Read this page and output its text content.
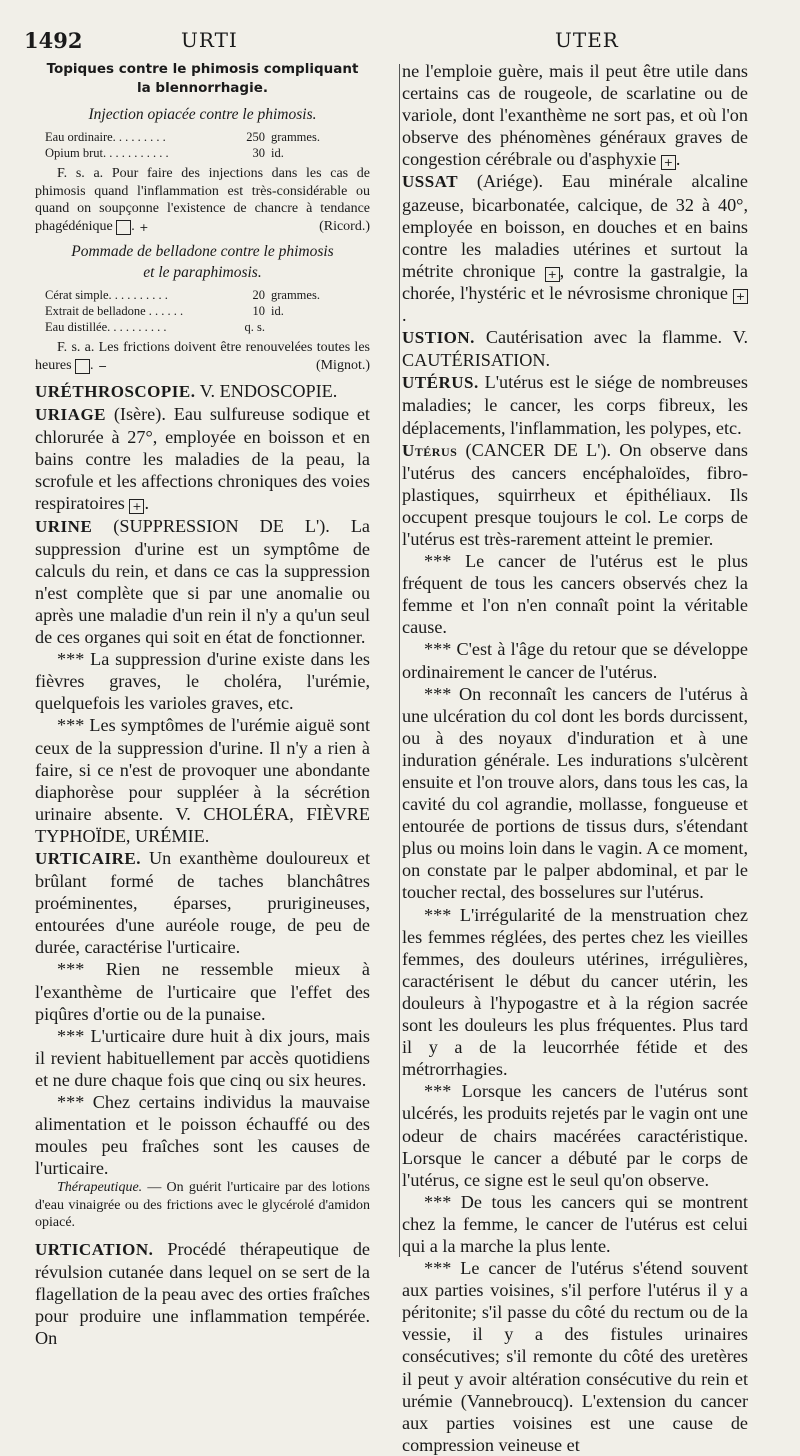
1492	URTI	UTER

Topiques contre le phimosis compliquant

la blennorrhagie.

Injection opiacée contre le phimosis.

Eau ordinaire. . . . . . . . .	250 grammes.
Opium brut. . . . . . . . . . .	30 id.

F. s. a. Pour faire des injections dans les cas de phimosis quand l'inflammation est très-considérable ou quand on soupçonne l'existence de chancre à tendance phagédénique +.	(Ricord.)

Pommade de belladone contre le phimosis

et le paraphimosis.

Cérat simple. . . . . . . . . .	20 grammes.
Extrait de belladone . . . . . .	10 id.
Eau distillée. . . . . . . . . .	q. s.

F. s. a. Les frictions doivent être renouvelées toutes les heures −.	(Mignot.)

URÉTHROSCOPIE. V. ENDOSCOPIE.

URIAGE (Isère). Eau sulfureuse sodique et chlorurée à 27°, employée en boisson et en bains contre les maladies de la peau, la scrofule et les affections chroniques des voies respiratoires + .

URINE (SUPPRESSION DE L'). La suppression d'urine est un symptôme de calculs du rein, et dans ce cas la suppression n'est complète que si par une anomalie ou après une maladie d'un rein il n'y a qu'un seul de ces organes qui soit en état de fonctionner.

*** La suppression d'urine existe dans les fièvres graves, le choléra, l'urémie, quelquefois les varioles graves, etc.

*** Les symptômes de l'urémie aiguë sont ceux de la suppression d'urine. Il n'y a rien à faire, si ce n'est de provoquer une abondante diaphorèse pour suppléer à la sécrétion urinaire absente. V. CHOLÉRA, FIÈVRE TYPHOÏDE, URÉMIE.

URTICAIRE. Un exanthème douloureux et brûlant formé de taches blanchâtres proéminentes, éparses, prurigineuses, entourées d'une auréole rouge, de peu de durée, caractérise l'urticaire.

*** Rien ne ressemble mieux à l'exanthème de l'urticaire que l'effet des piqûres d'ortie ou de la punaise.

*** L'urticaire dure huit à dix jours, mais il revient habituellement par accès quotidiens et ne dure chaque fois que cinq ou six heures.

*** Chez certains individus la mauvaise alimentation et le poisson échauffé ou des moules peu fraîches sont les causes de l'urticaire.

Thérapeutique. — On guérit l'urticaire par des lotions d'eau vinaigrée ou des frictions avec le glycérolé d'amidon opiacé.

URTICATION. Procédé thérapeutique de révulsion cutanée dans lequel on se sert de la flagellation de la peau avec des orties fraîches pour produire une inflammation tempérée. On

ne l'emploie guère, mais il peut être utile dans certains cas de rougeole, de scarlatine ou de variole, dont l'exanthème ne sort pas, et où l'on observe des phénomènes généraux graves de congestion cérébrale ou d'asphyxie + .

USSAT (Ariége). Eau minérale alcaline gazeuse, bicarbonatée, calcique, de 32 à 40°, employée en boisson, en douches et en bains contre les maladies utérines et surtout la métrite chronique + , contre la gastralgie, la chorée, l'hystéric et le névrosisme chronique +.

USTION. Cautérisation avec la flamme. V. CAUTÉRISATION.

UTÉRUS. L'utérus est le siége de nombreuses maladies; le cancer, les corps fibreux, les déplacements, l'inflammation, les polypes, etc.

Utérus (CANCER DE L'). On observe dans l'utérus des cancers encéphaloïdes, fibro-plastiques, squirrheux et épithéliaux. Ils occupent presque toujours le col. Le corps de l'utérus est très-rarement atteint le premier.

*** Le cancer de l'utérus est le plus fréquent de tous les cancers observés chez la femme et l'on n'en connaît point la véritable cause.

*** C'est à l'âge du retour que se développe ordinairement le cancer de l'utérus.

*** On reconnaît les cancers de l'utérus à une ulcération du col dont les bords durcissent, ou à des noyaux d'induration et à une induration générale. Les indurations s'ulcèrent ensuite et l'on trouve alors, dans tous les cas, la cavité du col agrandie, mollasse, fongueuse et entourée de portions de tissus durs, s'étendant plus ou moins loin dans le vagin. A ce moment, on constate par le palper abdominal, et par le toucher rectal, des bosselures sur l'utérus.

*** L'irrégularité de la menstruation chez les femmes réglées, des pertes chez les vieilles femmes, des douleurs utérines, irrégulières, caractérisent le début du cancer utérin, les douleurs à l'hypogastre et à la région sacrée sont les douleurs les plus fréquentes. Plus tard il y a de la leucorrhée fétide et des métrorrhagies.

*** Lorsque les cancers de l'utérus sont ulcérés, les produits rejetés par le vagin ont une odeur de chairs macérées caractéristique. Lorsque le cancer a débuté par le corps de l'utérus, ce signe est le seul qu'on observe.

*** De tous les cancers qui se montrent chez la femme, le cancer de l'utérus est celui qui a la marche la plus lente.

*** Le cancer de l'utérus s'étend souvent aux parties voisines, s'il perfore l'utérus il y a péritonite; s'il passe du côté du rectum ou de la vessie, il y a des fistules urinaires consécutives; s'il remonte du côté des uretères il peut y avoir altération consécutive du rein et urémie (Vannebroucq). L'extension du cancer aux parties voisines est une cause de compression veineuse et
